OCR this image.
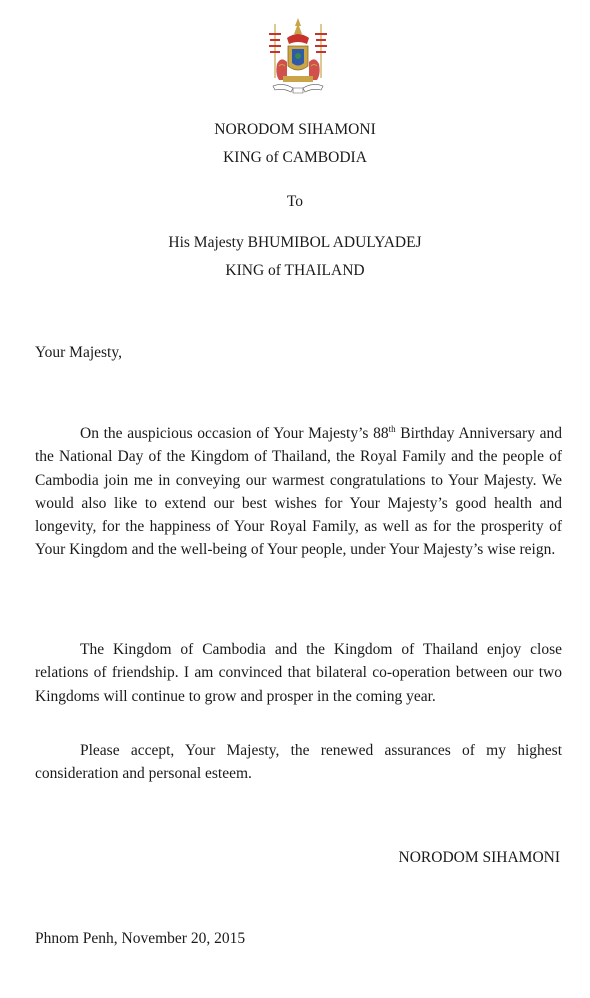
NORODOM SIHAMONI
KING of CAMBODIA
To
His Majesty BHUMIBOL ADULYADEJ
KING of THAILAND
Your Majesty,
On the auspicious occasion of Your Majesty’s 88th Birthday Anniversary and the National Day of the Kingdom of Thailand, the Royal Family and the people of Cambodia join me in conveying our warmest congratulations to Your Majesty. We would also like to extend our best wishes for Your Majesty’s good health and longevity, for the happiness of Your Royal Family, as well as for the prosperity of Your Kingdom and the well-being of Your people, under Your Majesty’s wise reign.
The Kingdom of Cambodia and the Kingdom of Thailand enjoy close relations of friendship. I am convinced that bilateral co-operation between our two Kingdoms will continue to grow and prosper in the coming year.
Please accept, Your Majesty, the renewed assurances of my highest consideration and personal esteem.
NORODOM SIHAMONI
Phnom Penh, November 20, 2015
